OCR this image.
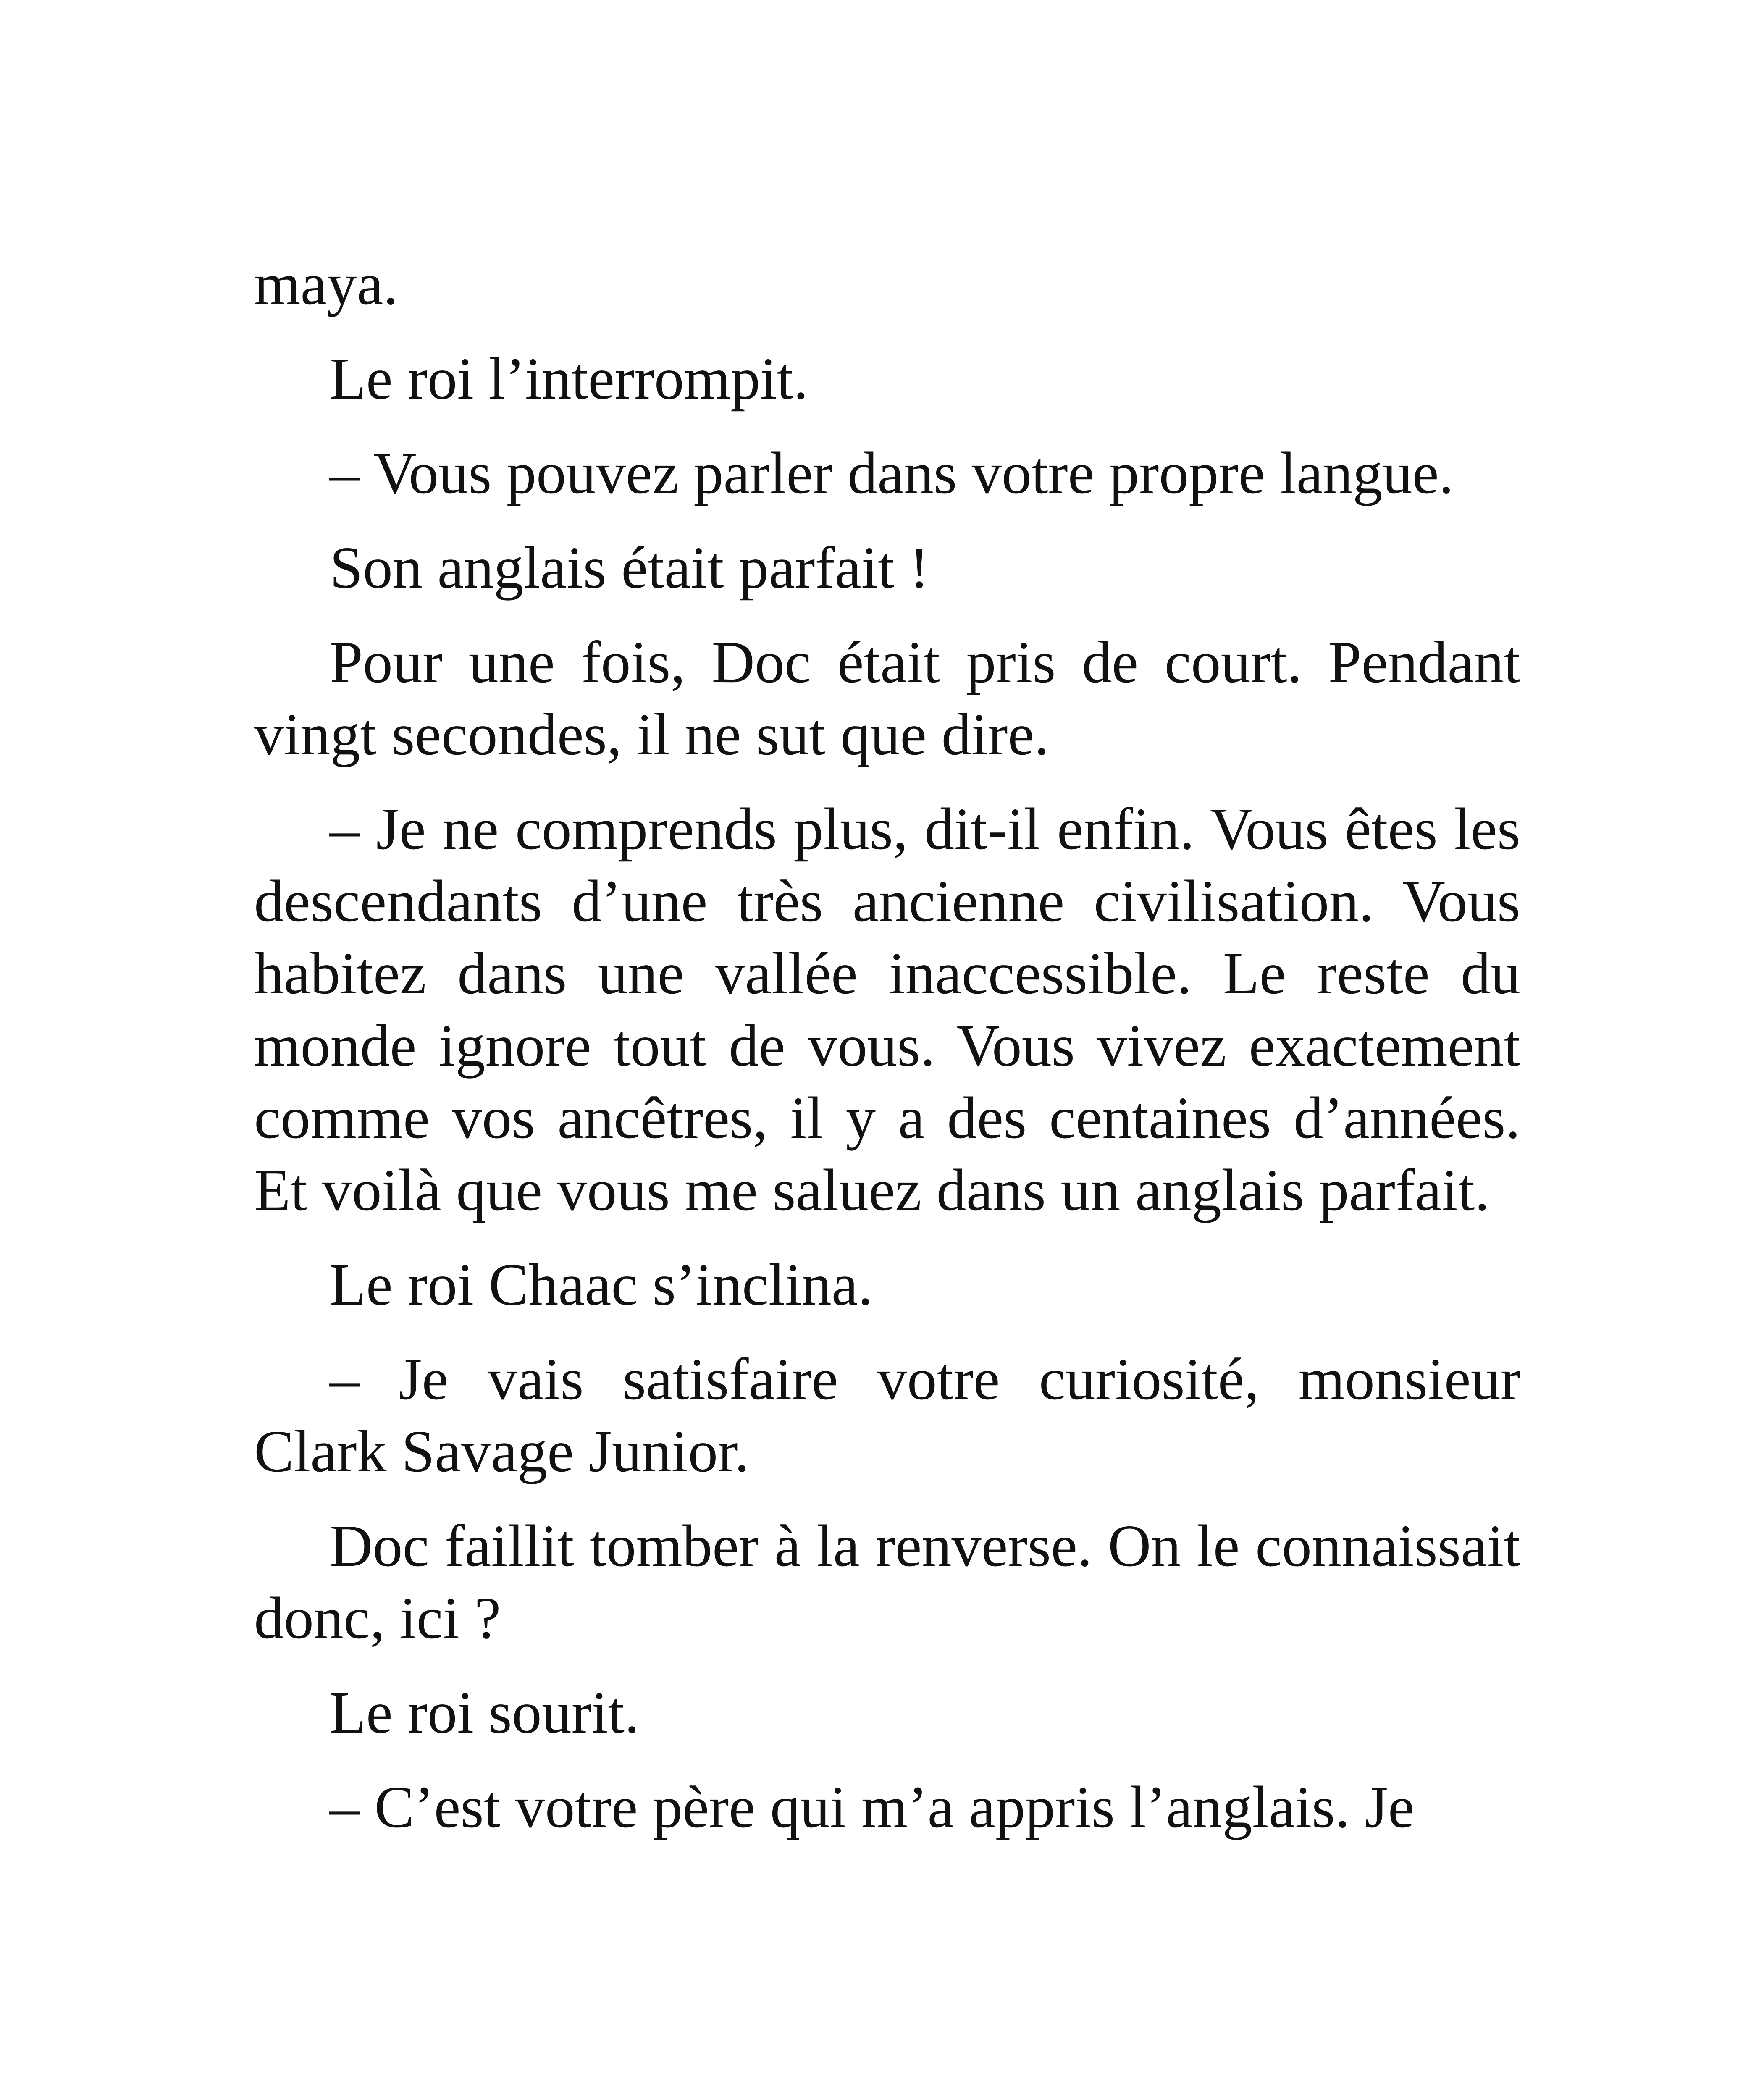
maya.

Le roi l’interrompit.

– Vous pouvez parler dans votre propre langue.

Son anglais était parfait !

Pour une fois, Doc était pris de court. Pendant vingt secondes, il ne sut que dire.

– Je ne comprends plus, dit-il enfin. Vous êtes les descendants d’une très ancienne civilisation. Vous habitez dans une vallée inaccessible. Le reste du monde ignore tout de vous. Vous vivez exactement comme vos ancêtres, il y a des centaines d’années. Et voilà que vous me saluez dans un anglais parfait.

Le roi Chaac s’inclina.

– Je vais satisfaire votre curiosité, monsieur Clark Savage Junior.

Doc faillit tomber à la renverse. On le connaissait donc, ici ?

Le roi sourit.

– C’est votre père qui m’a appris l’anglais. Je
